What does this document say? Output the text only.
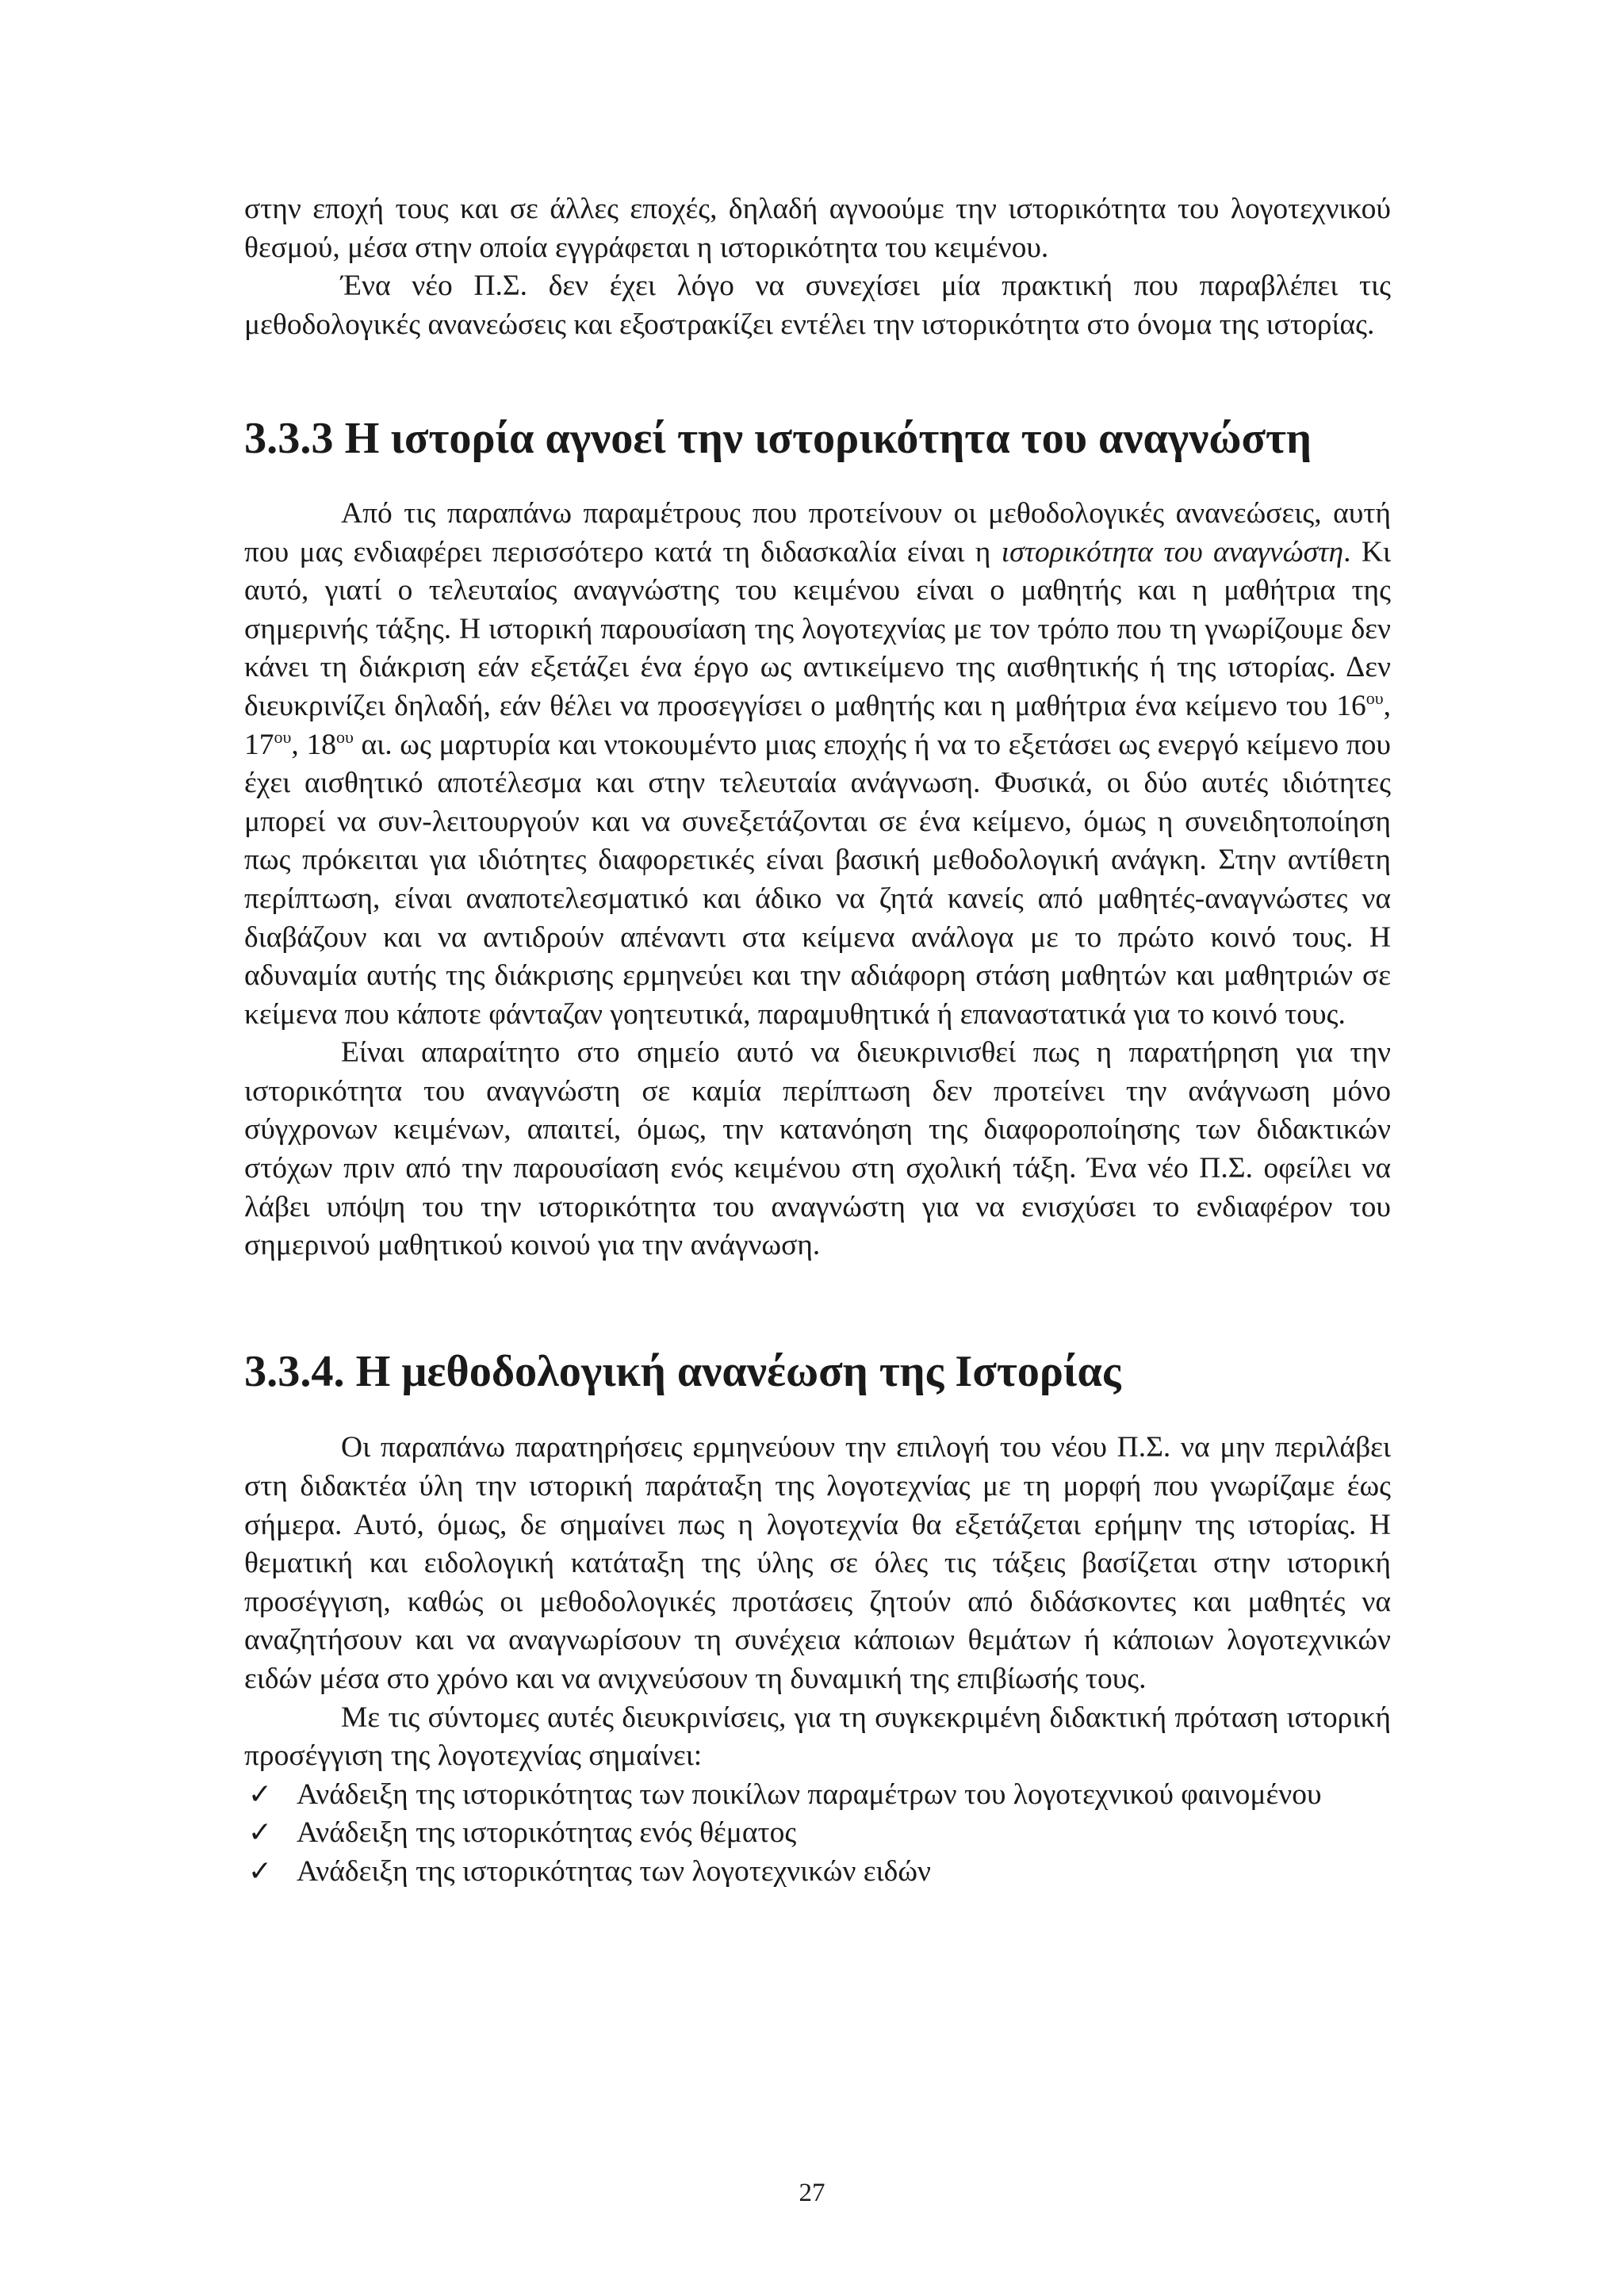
στην εποχή τους και σε άλλες εποχές, δηλαδή αγνοούμε την ιστορικότητα του λογοτεχνικού θεσμού, μέσα στην οποία εγγράφεται η ιστορικότητα του κειμένου.

Ένα νέο Π.Σ. δεν έχει λόγο να συνεχίσει μία πρακτική που παραβλέπει τις μεθοδολογικές ανανεώσεις και εξοστρακίζει εντέλει την ιστορικότητα στο όνομα της ιστορίας.

3.3.3 Η ιστορία αγνοεί την ιστορικότητα του αναγνώστη

Από τις παραπάνω παραμέτρους που προτείνουν οι μεθοδολογικές ανανεώσεις, αυτή που μας ενδιαφέρει περισσότερο κατά τη διδασκαλία είναι η ιστορικότητα του αναγνώστη. Κι αυτό, γιατί ο τελευταίος αναγνώστης του κειμένου είναι ο μαθητής και η μαθήτρια της σημερινής τάξης. Η ιστορική παρουσίαση της λογοτεχνίας με τον τρόπο που τη γνωρίζουμε δεν κάνει τη διάκριση εάν εξετάζει ένα έργο ως αντικείμενο της αισθητικής ή της ιστορίας. Δεν διευκρινίζει δηλαδή, εάν θέλει να προσεγγίσει ο μαθητής και η μαθήτρια ένα κείμενο του $16^{o\upsilon}$, $17^{o\upsilon}$, $18^{o\upsilon}$ αι. ως μαρτυρία και ντοκουμέντο μιας εποχής ή να το εξετάσει ως ενεργό κείμενο που έχει αισθητικό αποτέλεσμα και στην τελευταία ανάγνωση. Φυσικά, οι δύο αυτές ιδιότητες μπορεί να συν-λειτουργούν και να συνεξετάζονται σε ένα κείμενο, όμως η συνειδητοποίηση πως πρόκειται για ιδιότητες διαφορετικές είναι βασική μεθοδολογική ανάγκη. Στην αντίθετη περίπτωση, είναι αναποτελεσματικό και άδικο να ζητά κανείς από μαθητές-αναγνώστες να διαβάζουν και να αντιδρούν απέναντι στα κείμενα ανάλογα με το πρώτο κοινό τους. Η αδυναμία αυτής της διάκρισης ερμηνεύει και την αδιάφορη στάση μαθητών και μαθητριών σε κείμενα που κάποτε φάνταζαν γοητευτικά, παραμυθητικά ή επαναστατικά για το κοινό τους.

Είναι απαραίτητο στο σημείο αυτό να διευκρινισθεί πως η παρατήρηση για την ιστορικότητα του αναγνώστη σε καμία περίπτωση δεν προτείνει την ανάγνωση μόνο σύγχρονων κειμένων, απαιτεί, όμως, την κατανόηση της διαφοροποίησης των διδακτικών στόχων πριν από την παρουσίαση ενός κειμένου στη σχολική τάξη. Ένα νέο Π.Σ. οφείλει να λάβει υπόψη του την ιστορικότητα του αναγνώστη για να ενισχύσει το ενδιαφέρον του σημερινού μαθητικού κοινού για την ανάγνωση.

3.3.4. Η μεθοδολογική ανανέωση της Ιστορίας

Οι παραπάνω παρατηρήσεις ερμηνεύουν την επιλογή του νέου Π.Σ. να μην περιλάβει στη διδακτέα ύλη την ιστορική παράταξη της λογοτεχνίας με τη μορφή που γνωρίζαμε έως σήμερα. Αυτό, όμως, δε σημαίνει πως η λογοτεχνία θα εξετάζεται ερήμην της ιστορίας. Η θεματική και ειδολογική κατάταξη της ύλης σε όλες τις τάξεις βασίζεται στην ιστορική προσέγγιση, καθώς οι μεθοδολογικές προτάσεις ζητούν από διδάσκοντες και μαθητές να αναζητήσουν και να αναγνωρίσουν τη συνέχεια κάποιων θεμάτων ή κάποιων λογοτεχνικών ειδών μέσα στο χρόνο και να ανιχνεύσουν τη δυναμική της επιβίωσής τους.

Με τις σύντομες αυτές διευκρινίσεις, για τη συγκεκριμένη διδακτική πρόταση ιστορική προσέγγιση της λογοτεχνίας σημαίνει:

✓ Ανάδειξη της ιστορικότητας των ποικίλων παραμέτρων του λογοτεχνικού φαινομένου
✓ Ανάδειξη της ιστορικότητας ενός θέματος
✓ Ανάδειξη της ιστορικότητας των λογοτεχνικών ειδών
27
